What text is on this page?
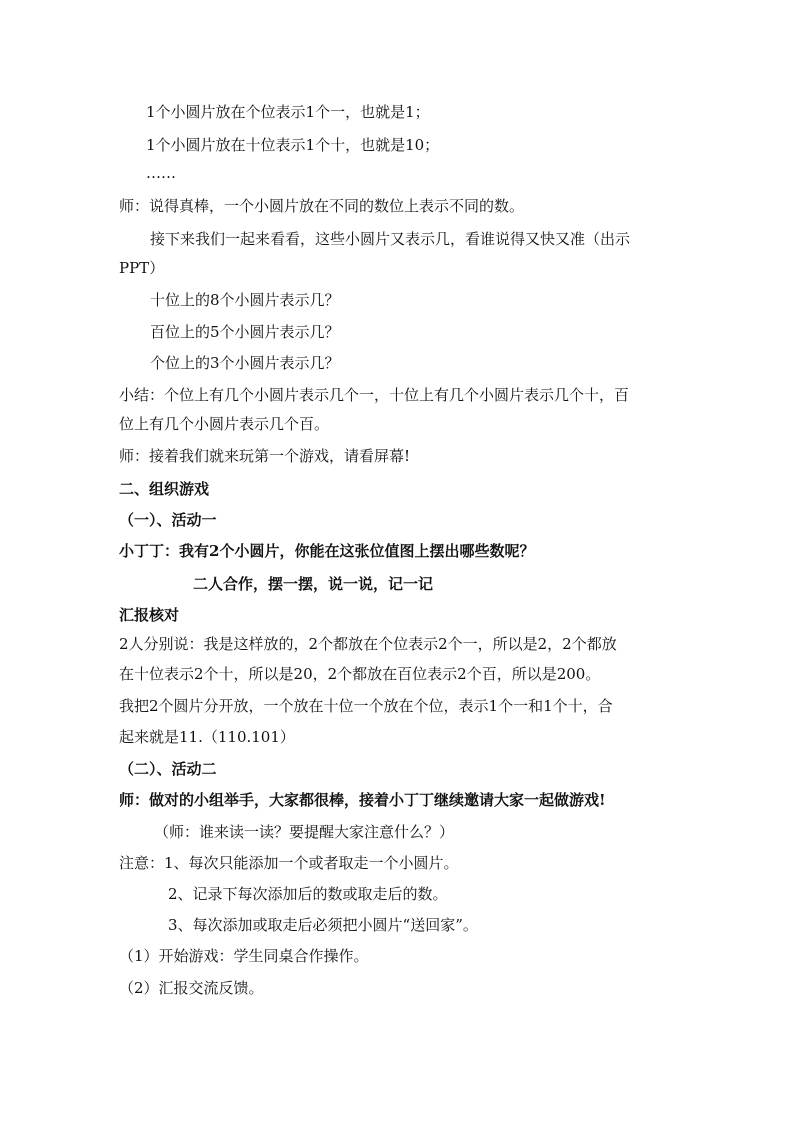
1个小圆片放在个位表示1个一，也就是1；
1个小圆片放在十位表示1个十，也就是10；
……
师：说得真棒，一个小圆片放在不同的数位上表示不同的数。
接下来我们一起来看看，这些小圆片又表示几，看谁说得又快又准（出示
PPT）
十位上的8个小圆片表示几？
百位上的5个小圆片表示几？
个位上的3个小圆片表示几？
小结：个位上有几个小圆片表示几个一，十位上有几个小圆片表示几个十，百
位上有几个小圆片表示几个百。
师：接着我们就来玩第一个游戏，请看屏幕!
二、组织游戏
（一）、活动一
小丁丁：我有2个小圆片，你能在这张位值图上摆出哪些数呢？
二人合作，摆一摆，说一说，记一记
汇报核对
2人分别说：我是这样放的，2个都放在个位表示2个一，所以是2，2个都放
在十位表示2个十，所以是20，2个都放在百位表示2个百，所以是200。
我把2个圆片分开放，一个放在十位一个放在个位，表示1个一和1个十，合
起来就是11.（110.101）
（二）、活动二
师：做对的小组举手，大家都很棒，接着小丁丁继续邀请大家一起做游戏!
（师：谁来读一读？要提醒大家注意什么？）
注意：1、每次只能添加一个或者取走一个小圆片。
2、记录下每次添加后的数或取走后的数。
3、每次添加或取走后必须把小圆片“送回家”。
（1）开始游戏：学生同桌合作操作。
（2）汇报交流反馈。
